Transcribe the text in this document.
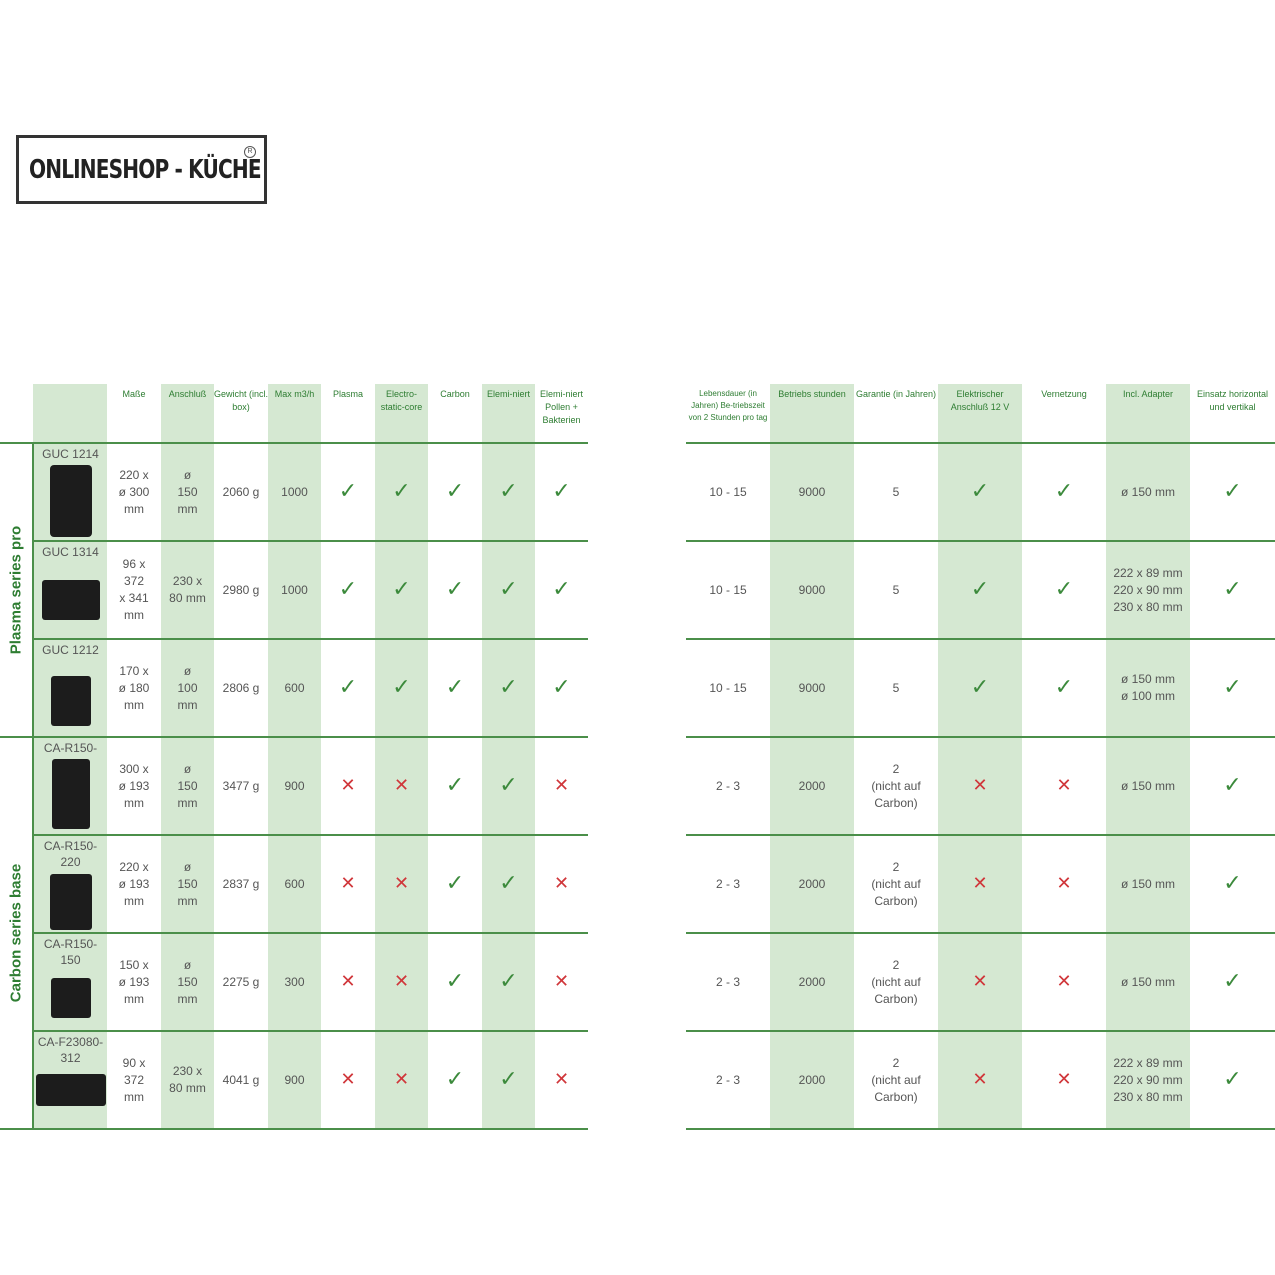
ONLINESHOP - KÜCHE
R
		Maße	Anschluß	Gewicht (incl. box)	Max m3/h	Plasma	Electro-static-core	Carbon	Elemi-niert	Elemi-niert Pollen + Bakterien

Plasma series pro	GUC 1214	220 x
ø 300
mm	ø
150
mm	2060 g	1000	✓	✓	✓	✓	✓

	GUC 1314	96 x
372
x 341
mm	230 x
80 mm	2980 g	1000	✓	✓	✓	✓	✓

	GUC 1212	170 x
ø 180
mm	ø
100
mm	2806 g	600	✓	✓	✓	✓	✓

Carbon series base	CA-R150-	300 x
ø 193
mm	ø
150
mm	3477 g	900	✕	✕	✓	✓	✕

	CA-R150-
220	220 x
ø 193
mm	ø
150
mm	2837 g	600	✕	✕	✓	✓	✕

	CA-R150-
150	150 x
ø 193
mm	ø
150
mm	2275 g	300	✕	✕	✓	✓	✕

	CA-F23080-
312	90 x
372
mm	230 x
80 mm	4041 g	900	✕	✕	✓	✓	✕
Lebensdauer (in Jahren) Be-triebszeit von 2 Stunden pro tag	Betriebs stunden	Garantie (in Jahren)	Elektrischer Anschluß 12 V	Vernetzung	Incl. Adapter	Einsatz horizontal und vertikal
10 - 15	9000	5	✓	✓	ø 150 mm	✓
10 - 15	9000	5	✓	✓	222 x 89 mm
220 x 90 mm
230 x 80 mm	✓
10 - 15	9000	5	✓	✓	ø 150 mm
ø 100 mm	✓
2 - 3	2000	2
(nicht auf
Carbon)	✕	✕	ø 150 mm	✓
2 - 3	2000	2
(nicht auf
Carbon)	✕	✕	ø 150 mm	✓
2 - 3	2000	2
(nicht auf
Carbon)	✕	✕	ø 150 mm	✓
2 - 3	2000	2
(nicht auf
Carbon)	✕	✕	222 x 89 mm
220 x 90 mm
230 x 80 mm	✓
